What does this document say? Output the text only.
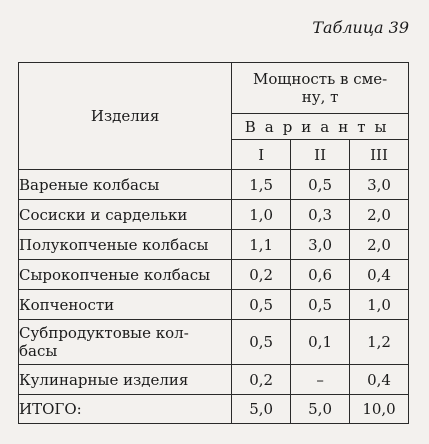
Таблица 39
Изделия	Мощность в сме-
ну, т		
	Варианты		
	I	II	III
Вареные колбасы	1,5	0,5	3,0
Сосиски и сардельки	1,0	0,3	2,0
Полукопченые колбасы	1,1	3,0	2,0
Сырокопченые колбасы	0,2	0,6	0,4
Копчености	0,5	0,5	1,0
Субпродуктовые кол-
басы	0,5	0,1	1,2
Кулинарные изделия	0,2	–	0,4
ИТОГО:	5,0	5,0	10,0
